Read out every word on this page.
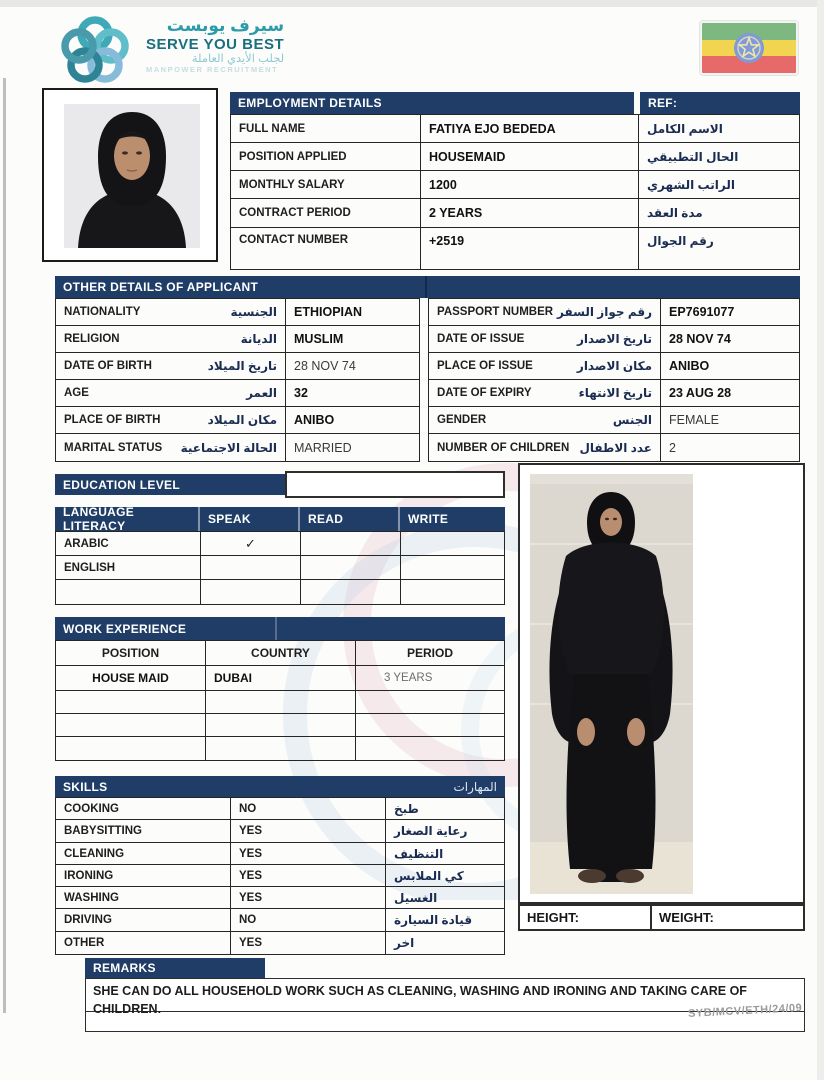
سيرف يوبست
SERVE YOU BEST
لجلب الأيدي العاملة
MANPOWER RECRUITMENT
EMPLOYMENT DETAILS	REF:
FULL NAME	FATIYA EJO BEDEDA	الاسم الكامل
POSITION APPLIED	HOUSEMAID	الحال التطبيقي
MONTHLY SALARY	1200	الراتب الشهري
CONTRACT PERIOD	2 YEARS	مدة العقد
CONTACT NUMBER	+2519	رقم الجوال
OTHER DETAILS OF APPLICANT
NATIONALITY	الجنسية	ETHIOPIAN
RELIGION	الديانة	MUSLIM
DATE OF BIRTH	تاريخ الميلاد	28 NOV 74
AGE	العمر	32
PLACE OF BIRTH	مكان الميلاد	ANIBO
MARITAL STATUS الحالة الاجتماعية	MARRIED
PASSPORT NUMBER رقم جواز السفر	EP7691077
DATE OF ISSUE	تاريخ الاصدار	28 NOV 74
PLACE OF ISSUE	مكان الاصدار	ANIBO
DATE OF EXPIRY	تاريخ الانتهاء	23 AUG 28
GENDER	الجنس	FEMALE
NUMBER OF CHILDREN عدد الاطفال	2
EDUCATION LEVEL
LANGUAGE LITERACY	SPEAK	READ	WRITE
ARABIC	✓
ENGLISH
WORK EXPERIENCE
POSITION	COUNTRY	PERIOD
HOUSE MAID	DUBAI	3 YEARS
SKILLS	المهارات
COOKING	NO	طبخ
BABYSITTING	YES	رعاية الصغار
CLEANING	YES	التنظيف
IRONING	YES	كي الملابس
WASHING	YES	الغسيل
DRIVING	NO	قيادة السيارة
OTHER	YES	اخر
HEIGHT:	WEIGHT:
REMARKS
SHE CAN DO ALL HOUSEHOLD WORK SUCH AS CLEANING, WASHING AND IRONING AND TAKING CARE OF CHILDREN.	SYB/MCV/ETH/24/09
